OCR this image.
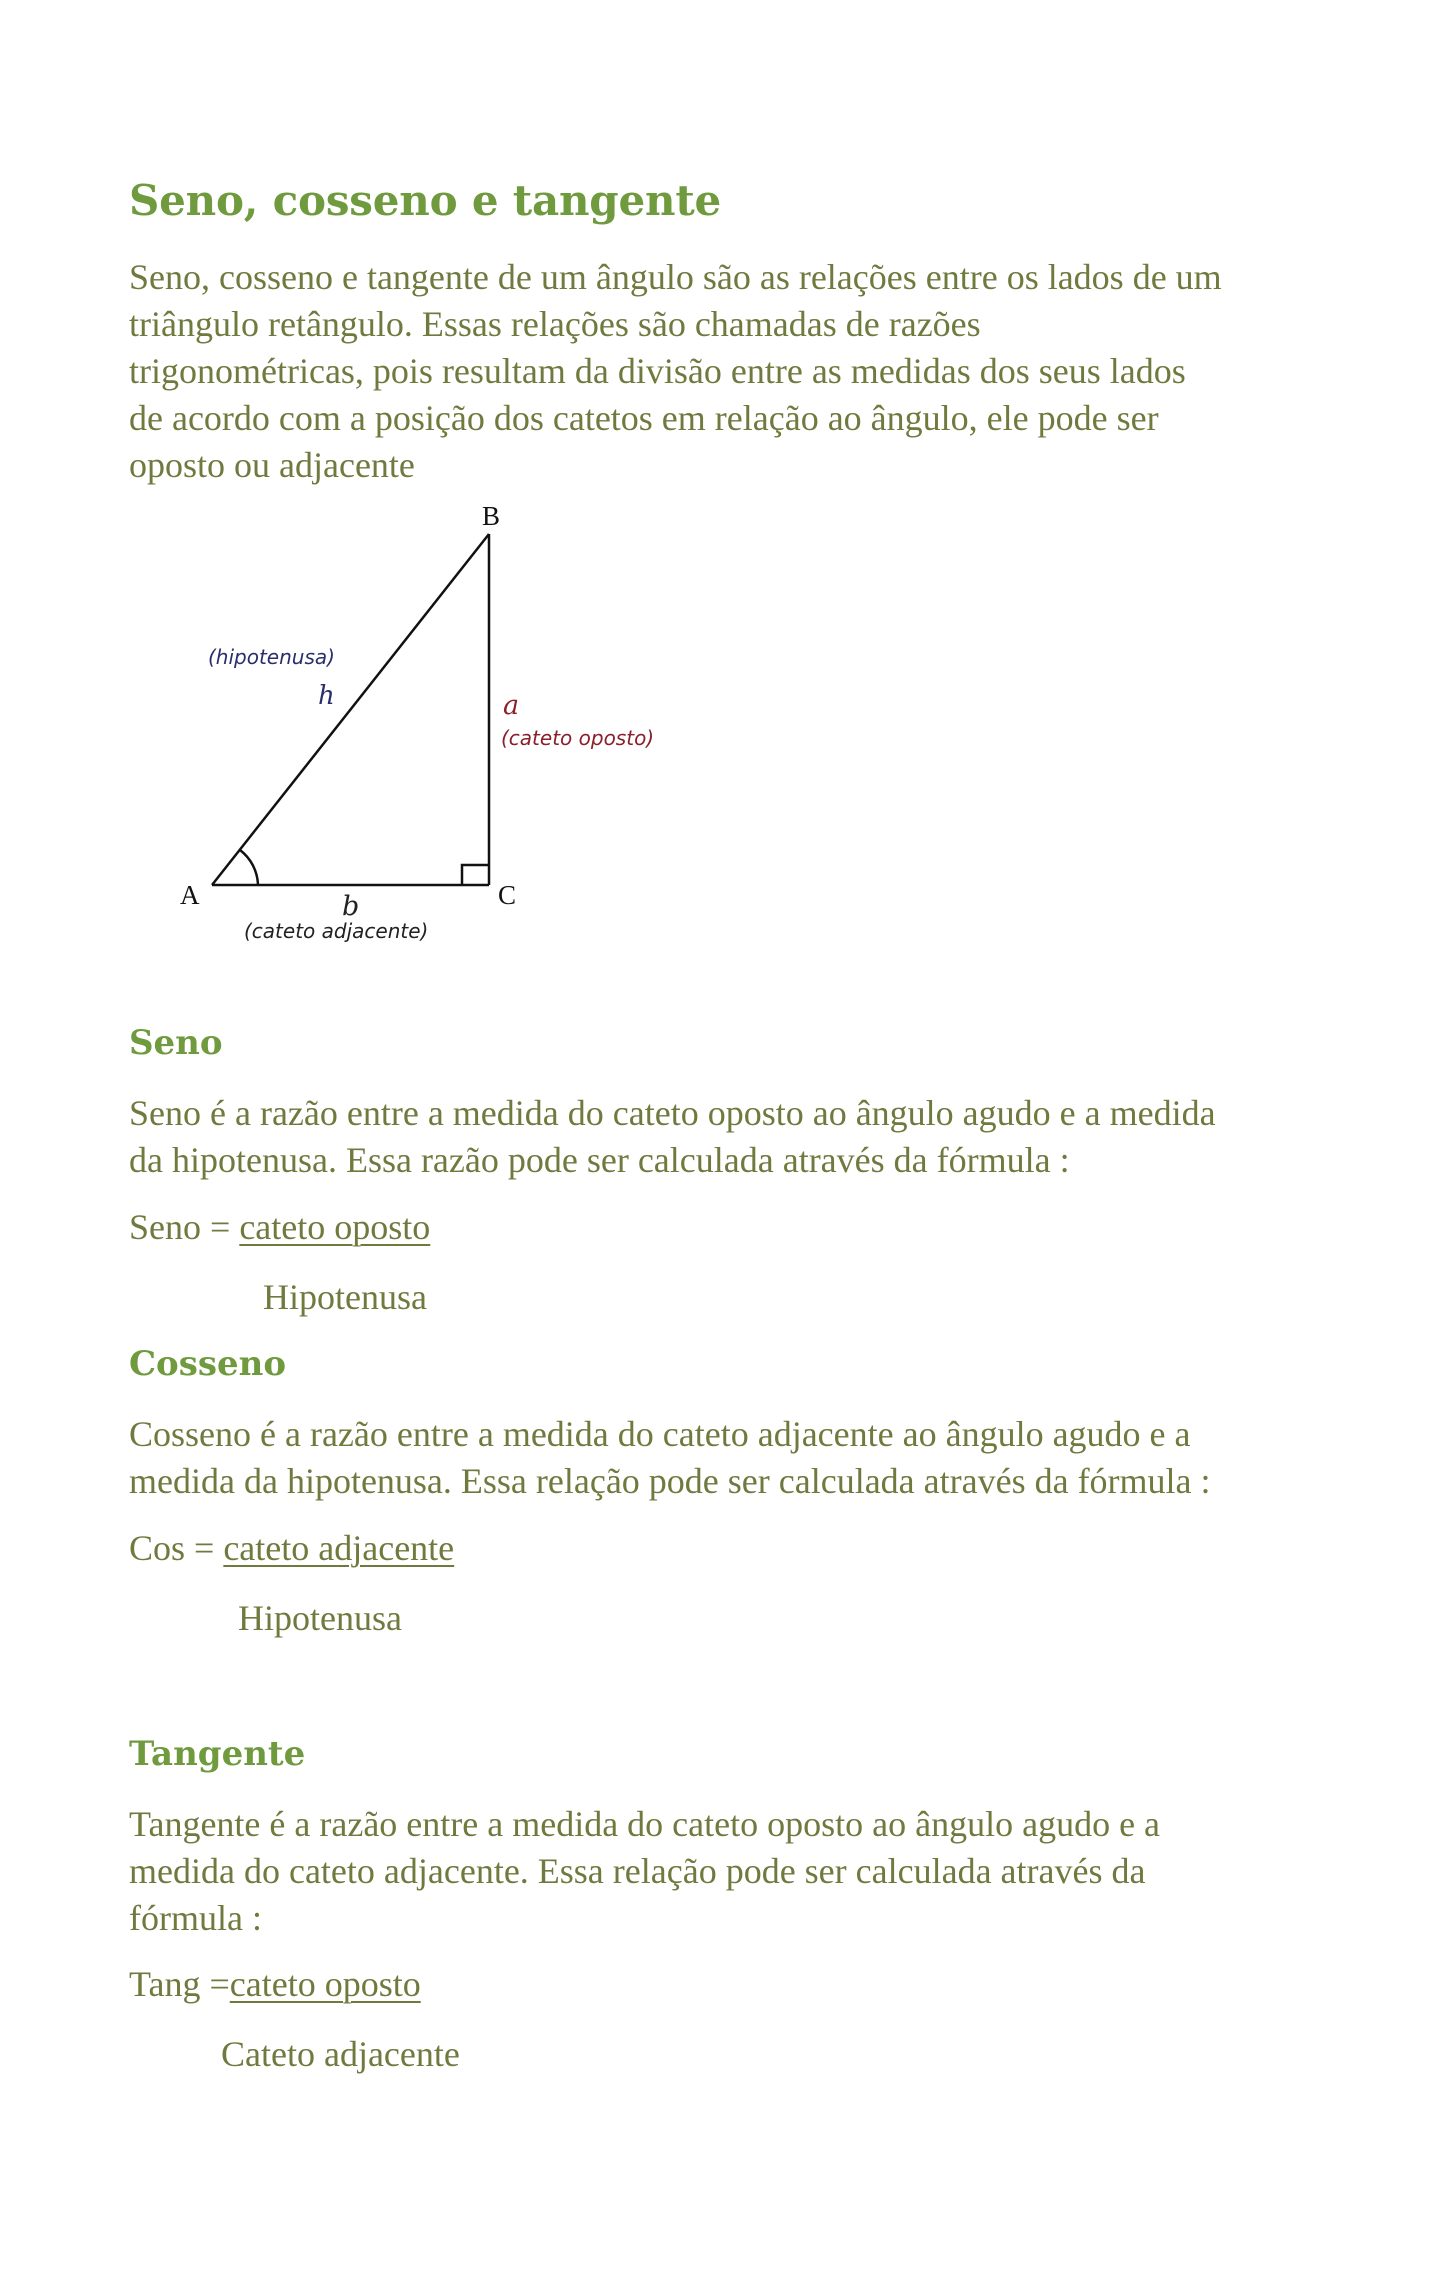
Seno, cosseno e tangente
Seno, cosseno e tangente de um ângulo são as relações entre os lados de um
triângulo retângulo. Essas relações são chamadas de razões
trigonométricas, pois resultam da divisão entre as medidas dos seus lados
de acordo com a posição dos catetos em relação ao ângulo, ele pode ser
oposto ou adjacente
B
A	C
(hipotenusa)
h	a
(cateto oposto)
b
(cateto adjacente)
Seno
Seno é a razão entre a medida do cateto oposto ao ângulo agudo e a medida
da hipotenusa. Essa razão pode ser calculada através da fórmula :

Seno = cateto oposto

Hipotenusa

Cosseno
Cosseno é a razão entre a medida do cateto adjacente ao ângulo agudo e a
medida da hipotenusa. Essa relação pode ser calculada através da fórmula :

Cos = cateto adjacente

Hipotenusa

Tangente
Tangente é a razão entre a medida do cateto oposto ao ângulo agudo e a
medida do cateto adjacente. Essa relação pode ser calculada através da
fórmula :

Tang =cateto oposto

Cateto adjacente
